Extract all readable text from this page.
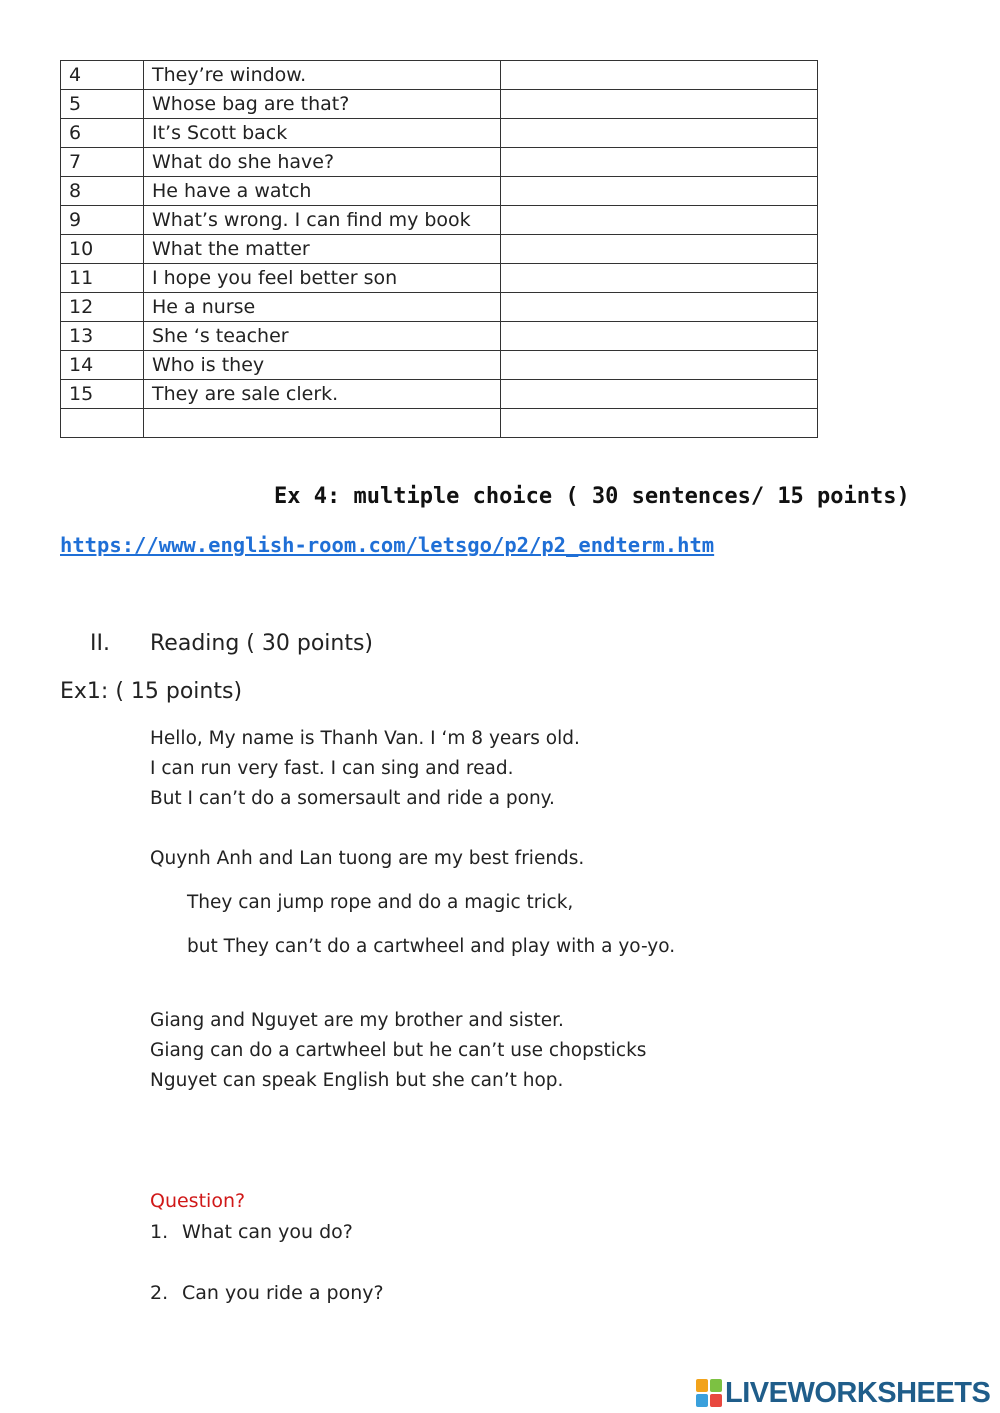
4	They’re window.	
5	Whose bag are that?	
6	It’s Scott back	
7	What do she have?	
8	He have a watch	
9	What’s wrong. I can find my book	
10	What the matter	
11	I hope you feel better son	
12	He a nurse	
13	She ‘s teacher	
14	Who is they	
15	They are sale clerk.	

Ex 4: multiple choice ( 30 sentences/ 15 points)
https://www.english-room.com/letsgo/p2/p2_endterm.htm
II. Reading ( 30 points)
Ex1: ( 15 points)
Hello, My name is Thanh Van. I ‘m 8 years old.
I can run very fast. I can sing and read.
But I can’t do a somersault and ride a pony.
Quynh Anh and Lan tuong are my best friends.
They can jump rope and do a magic trick,
but They can’t do a cartwheel and play with a yo-yo.
Giang and Nguyet are my brother and sister.
Giang can do a cartwheel but he can’t use chopsticks
Nguyet can speak English but she can’t hop.
Question?
1. What can you do?
2. Can you ride a pony?
LIVEWORKSHEETS
